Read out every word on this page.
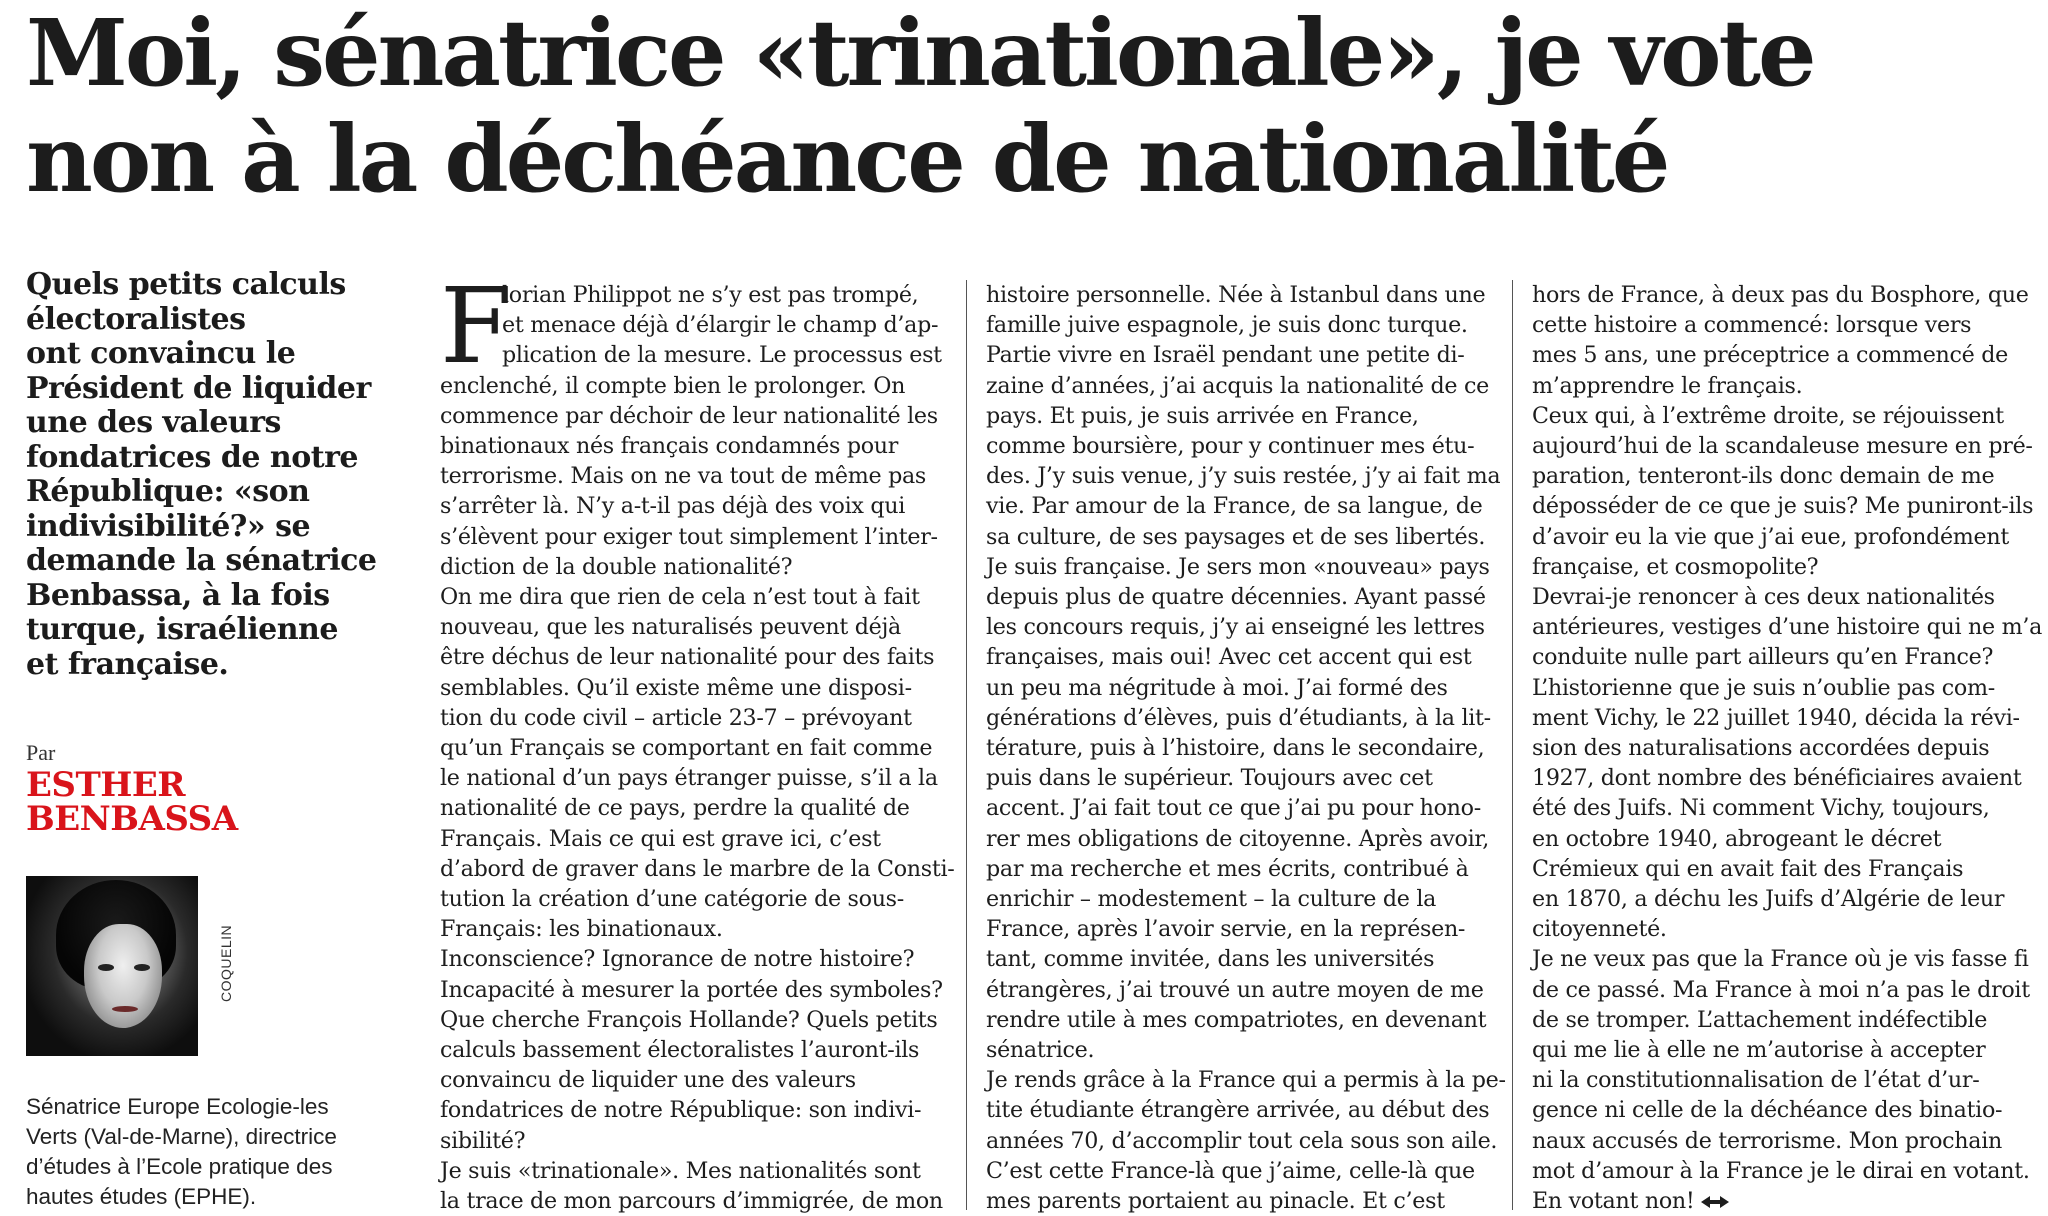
Moi, sénatrice «trinationale», je vote
non à la déchéance de nationalité
Quels petits calculs
électoralistes
ont convaincu le
Président de liquider
une des valeurs
fondatrices de notre
République: «son
indivisibilité?» se
demande la sénatrice
Benbassa, à la fois
turque, israélienne
et française.
Par
ESTHER
BENBASSA
COQUELIN
Sénatrice Europe Ecologie-les
Verts (Val-de-Marne), directrice
d’études à l’Ecole pratique des
hautes études (EPHE).
F
lorian Philippot ne s’y est pas trompé,
et menace déjà d’élargir le champ d’ap-
plication de la mesure. Le processus est
enclenché, il compte bien le prolonger. On
commence par déchoir de leur nationalité les
binationaux nés français condamnés pour
terrorisme. Mais on ne va tout de même pas
s’arrêter là. N’y a-t-il pas déjà des voix qui
s’élèvent pour exiger tout simplement l’inter-
diction de la double nationalité?
On me dira que rien de cela n’est tout à fait
nouveau, que les naturalisés peuvent déjà
être déchus de leur nationalité pour des faits
semblables. Qu’il existe même une disposi-
tion du code civil – article 23-7 – prévoyant
qu’un Français se comportant en fait comme
le national d’un pays étranger puisse, s’il a la
nationalité de ce pays, perdre la qualité de
Français. Mais ce qui est grave ici, c’est
d’abord de graver dans le marbre de la Consti-
tution la création d’une catégorie de sous-
Français: les binationaux.
Inconscience? Ignorance de notre histoire?
Incapacité à mesurer la portée des symboles?
Que cherche François Hollande? Quels petits
calculs bassement électoralistes l’auront-ils
convaincu de liquider une des valeurs
fondatrices de notre République: son indivi-
sibilité?
Je suis «trinationale». Mes nationalités sont
la trace de mon parcours d’immigrée, de mon
histoire personnelle. Née à Istanbul dans une
famille juive espagnole, je suis donc turque.
Partie vivre en Israël pendant une petite di-
zaine d’années, j’ai acquis la nationalité de ce
pays. Et puis, je suis arrivée en France,
comme boursière, pour y continuer mes étu-
des. J’y suis venue, j’y suis restée, j’y ai fait ma
vie. Par amour de la France, de sa langue, de
sa culture, de ses paysages et de ses libertés.
Je suis française. Je sers mon «nouveau» pays
depuis plus de quatre décennies. Ayant passé
les concours requis, j’y ai enseigné les lettres
françaises, mais oui! Avec cet accent qui est
un peu ma négritude à moi. J’ai formé des
générations d’élèves, puis d’étudiants, à la lit-
térature, puis à l’histoire, dans le secondaire,
puis dans le supérieur. Toujours avec cet
accent. J’ai fait tout ce que j’ai pu pour hono-
rer mes obligations de citoyenne. Après avoir,
par ma recherche et mes écrits, contribué à
enrichir – modestement – la culture de la
France, après l’avoir servie, en la représen-
tant, comme invitée, dans les universités
étrangères, j’ai trouvé un autre moyen de me
rendre utile à mes compatriotes, en devenant
sénatrice.
Je rends grâce à la France qui a permis à la pe-
tite étudiante étrangère arrivée, au début des
années 70, d’accomplir tout cela sous son aile.
C’est cette France-là que j’aime, celle-là que
mes parents portaient au pinacle. Et c’est
hors de France, à deux pas du Bosphore, que
cette histoire a commencé: lorsque vers
mes 5 ans, une préceptrice a commencé de
m’apprendre le français.
Ceux qui, à l’extrême droite, se réjouissent
aujourd’hui de la scandaleuse mesure en pré-
paration, tenteront-ils donc demain de me
déposséder de ce que je suis? Me puniront-ils
d’avoir eu la vie que j’ai eue, profondément
française, et cosmopolite?
Devrai-je renoncer à ces deux nationalités
antérieures, vestiges d’une histoire qui ne m’a
conduite nulle part ailleurs qu’en France?
L’historienne que je suis n’oublie pas com-
ment Vichy, le 22 juillet 1940, décida la révi-
sion des naturalisations accordées depuis
1927, dont nombre des bénéficiaires avaient
été des Juifs. Ni comment Vichy, toujours,
en octobre 1940, abrogeant le décret
Crémieux qui en avait fait des Français
en 1870, a déchu les Juifs d’Algérie de leur
citoyenneté.
Je ne veux pas que la France où je vis fasse fi
de ce passé. Ma France à moi n’a pas le droit
de se tromper. L’attachement indéfectible
qui me lie à elle ne m’autorise à accepter
ni la constitutionnalisation de l’état d’ur-
gence ni celle de la déchéance des binatio-
naux accusés de terrorisme. Mon prochain
mot d’amour à la France je le dirai en votant.
En votant non!
